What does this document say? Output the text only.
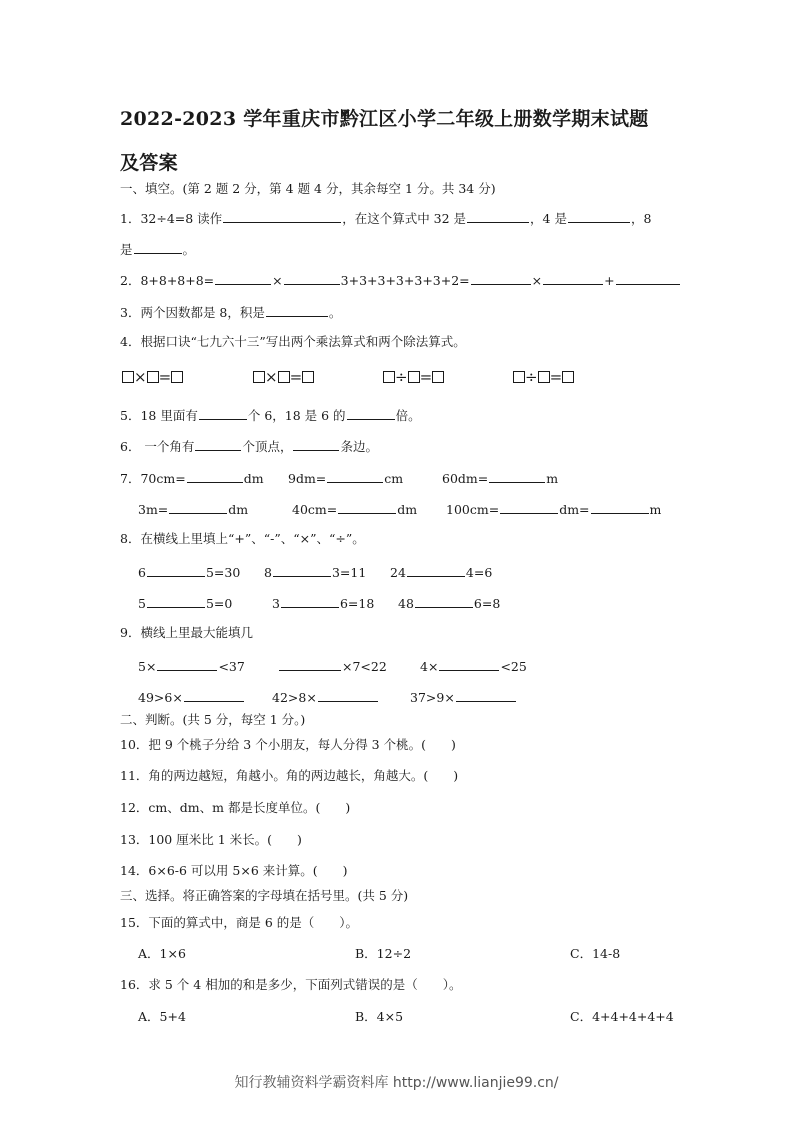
2022-2023 学年重庆市黔江区小学二年级上册数学期末试题
及答案
一、填空。(第 2 题 2 分，第 4 题 4 分，其余每空 1 分。共 34 分)
1．32÷4=8 读作	，在这个算式中 32 是	，4 是	，8
是	。
2．8+8+8+8=	×	3+3+3+3+3+3+2=	×	+
3．两个因数都是 8，积是	。
4．根据口诀“七九六十三”写出两个乘法算式和两个除法算式。
× =	× =	÷ =	÷ =
5．18 里面有	个 6，18 是 6 的	倍。
6． 一个角有	个顶点，	条边。
7．70cm=	dm 9dm=	cm	60dm=	m
3m=	dm	40cm=	dm 100cm=	dm=	m
8．在横线上里填上“+”、“-”、“×”、“÷”。
6	5=30 8	3=11 24	4=6
5	5=0	3	6=18 48	6=8
9．横线上里最大能填几
5×	<37	×7<22	4×	<25
49>6×	42>8×	37>9×
二、判断。(共 5 分，每空 1 分。)
10．把 9 个桃子分给 3 个小朋友，每人分得 3 个桃。(　　)
11．角的两边越短，角越小。角的两边越长，角越大。(　　)
12．cm、dm、m 都是长度单位。(　　)
13．100 厘米比 1 米长。(　　)
14．6×6-6 可以用 5×6 来计算。(　　)
三、选择。将正确答案的字母填在括号里。(共 5 分)
15．下面的算式中，商是 6 的是（　　）。
A．1×6	B．12÷2	C．14-8
16．求 5 个 4 相加的和是多少，下面列式错误的是（　　）。
A．5+4	B．4×5	C．4+4+4+4+4
知行教辅资料学霸资料库 http://www.lianjie99.cn/
